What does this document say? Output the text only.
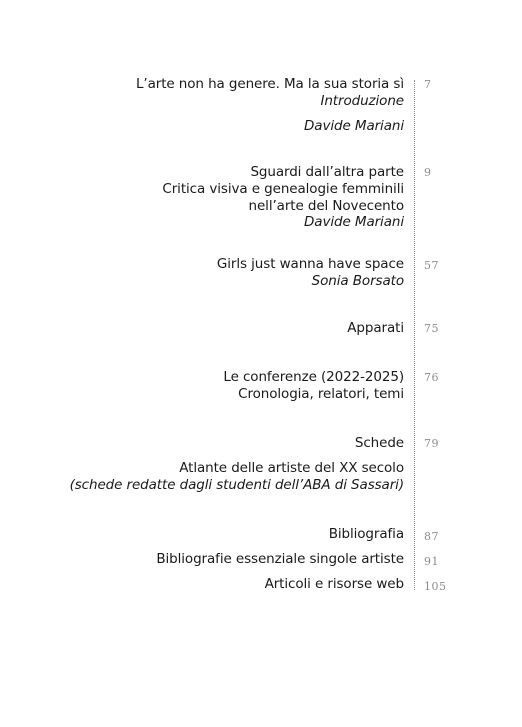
L’arte non ha genere. Ma la sua storia sì
Introduzione
Davide Mariani
7
Sguardi dall’altra parte
Critica visiva e genealogie femminili
nell’arte del Novecento
Davide Mariani
9
Girls just wanna have space
Sonia Borsato
57
Apparati 75
Le conferenze (2022-2025)
Cronologia, relatori, temi
76
Schede 79
Atlante delle artiste del XX secolo
(schede redatte dagli studenti dell’ABA di Sassari)
Bibliografia 87
Bibliografie essenziale singole artiste 91
Articoli e risorse web 105
